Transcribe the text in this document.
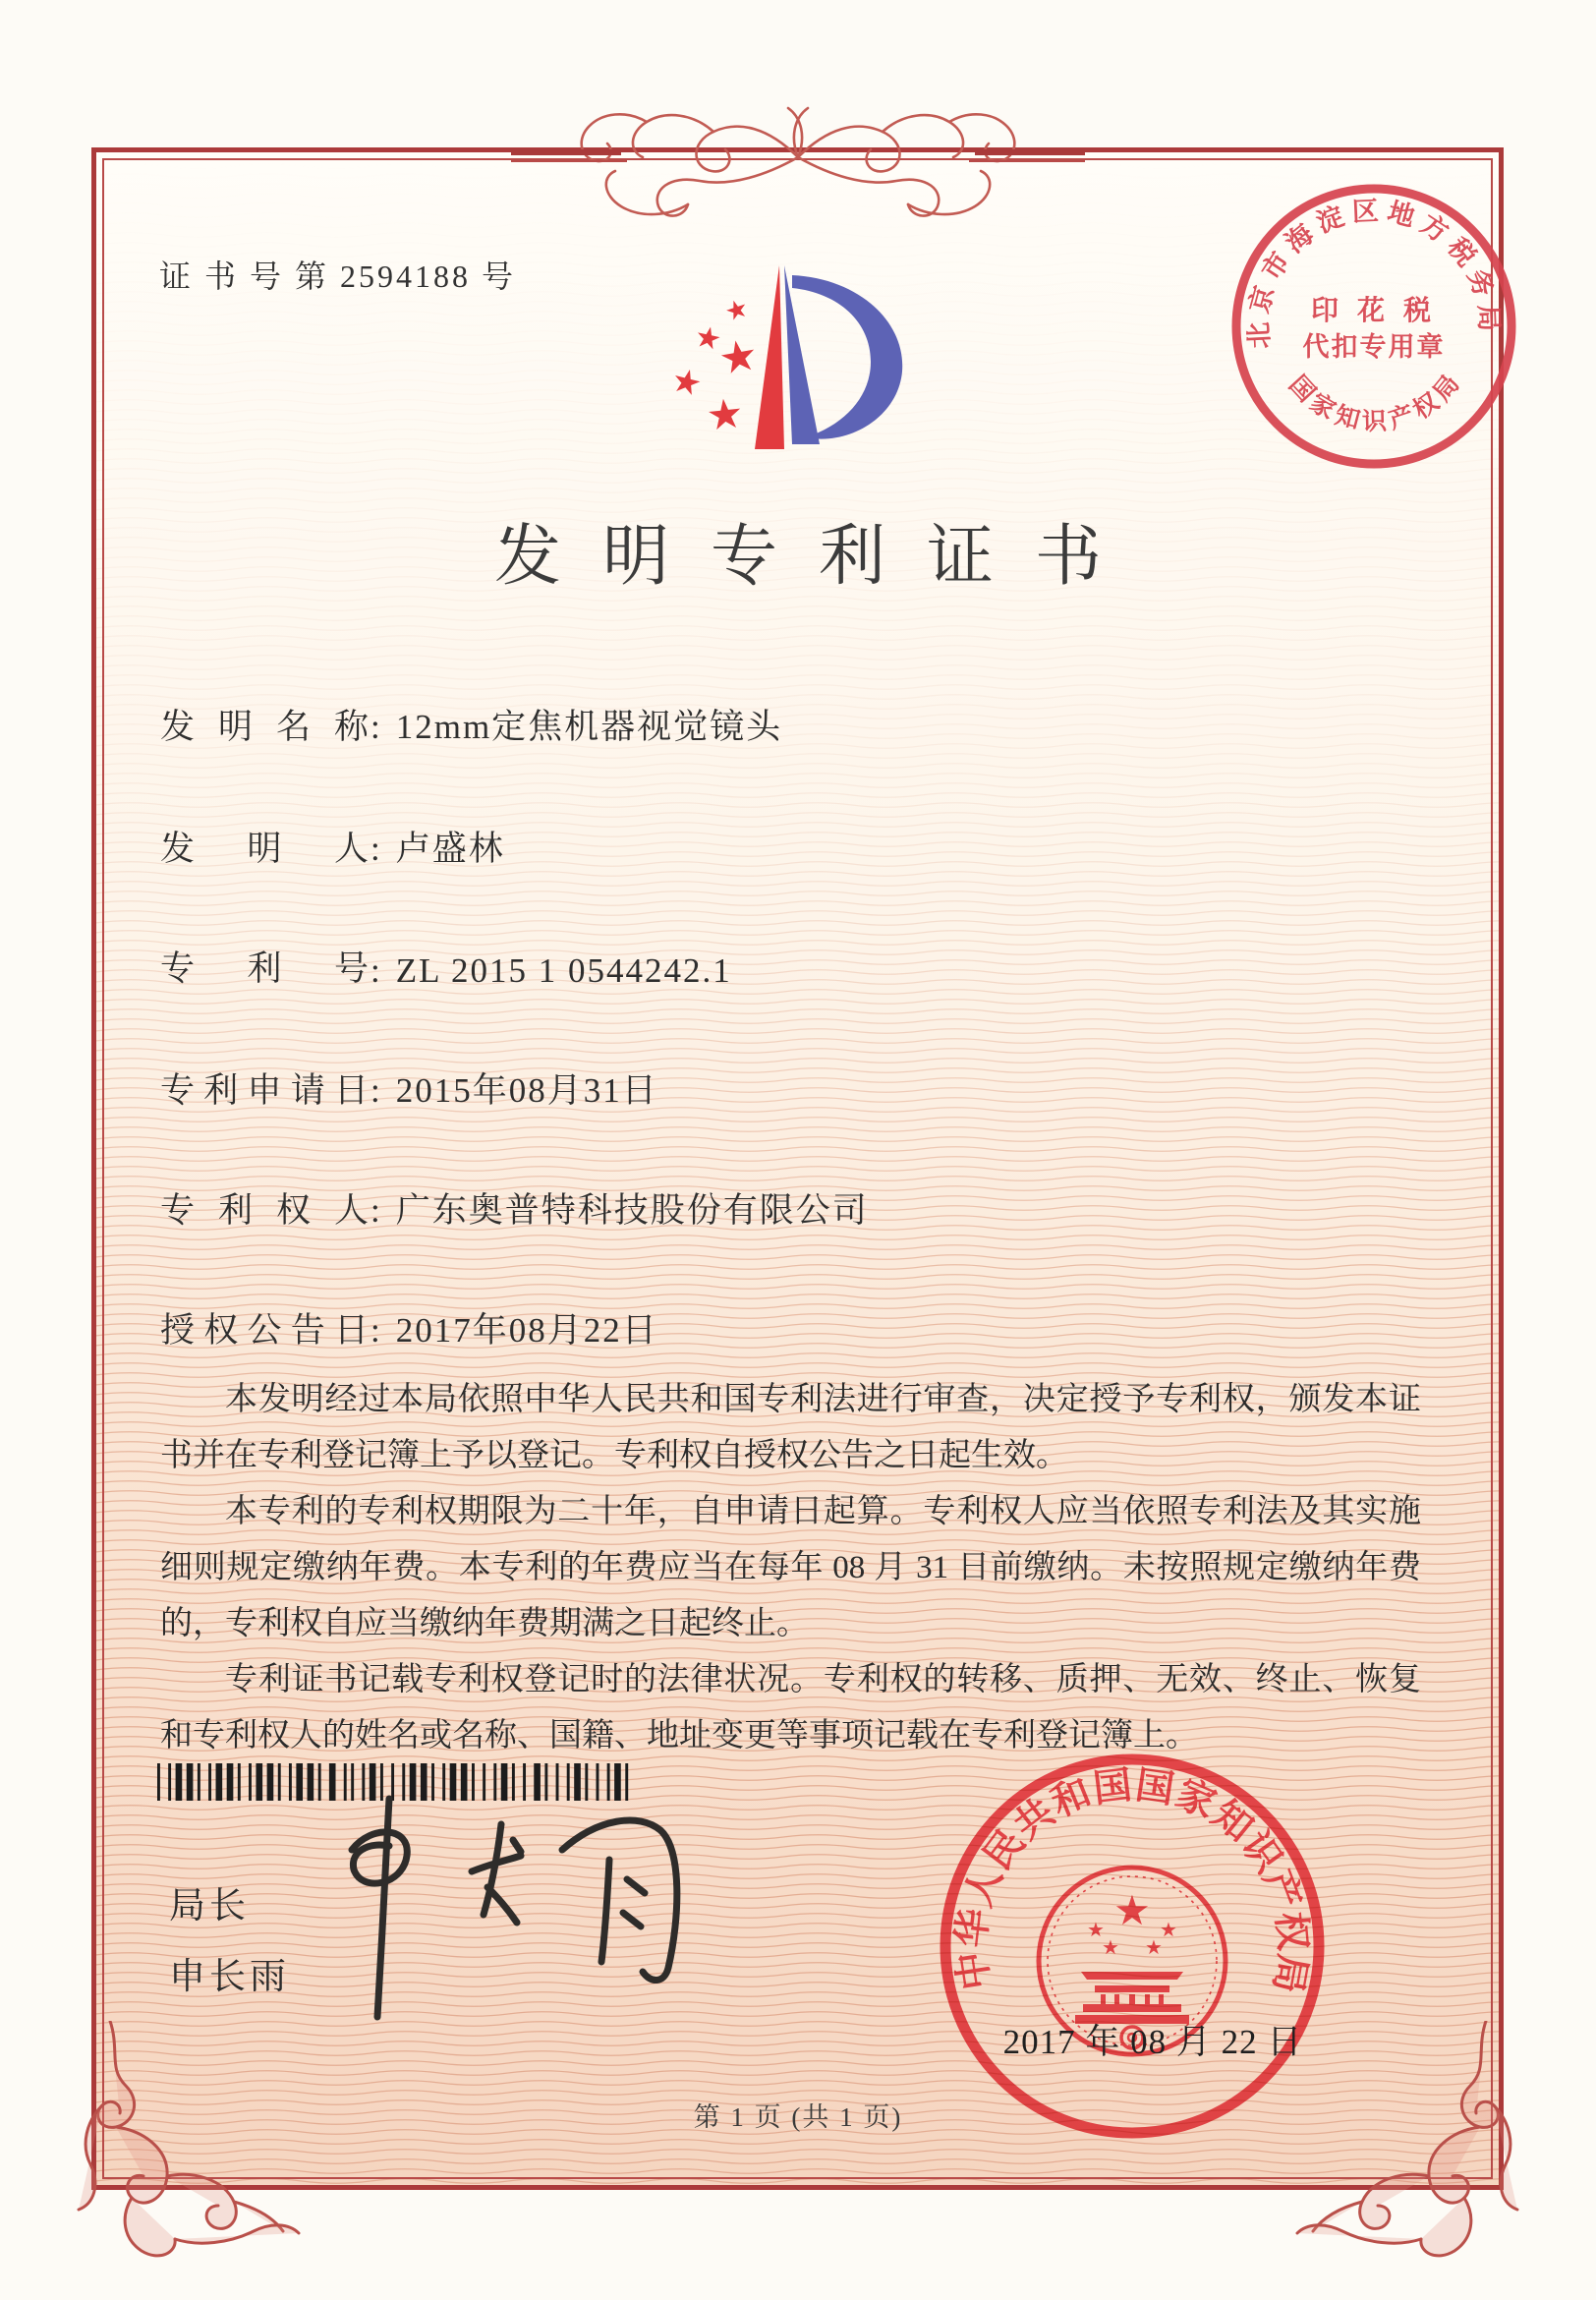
证 书 号 第 2594188 号
★
★
★
★
★
北京市海淀区地方税务局
国家知识产权局
印 花 税
代扣专用章
发明专利证书
发明名称: 12mm定焦机器视觉镜头
发明人: 卢盛林
专利号: ZL 2015 1 0544242.1
专利申请日: 2015年08月31日
专利权人: 广东奥普特科技股份有限公司
授权公告日: 2017年08月22日

本发明经过本局依照中华人民共和国专利法进行审查，决定授予专利权，颁发本证书并在专利登记簿上予以登记。专利权自授权公告之日起生效。

本专利的专利权期限为二十年，自申请日起算。专利权人应当依照专利法及其实施细则规定缴纳年费。本专利的年费应当在每年 08 月 31 日前缴纳。未按照规定缴纳年费的，专利权自应当缴纳年费期满之日起终止。

专利证书记载专利权登记时的法律状况。专利权的转移、质押、无效、终止、恢复和专利权人的姓名或名称、国籍、地址变更等事项记载在专利登记簿上。

局长
申长雨	中华人民共和国国家知识产权局
★
★	★
★ ★
2017 年 08 月 22 日
第 1 页 (共 1 页)
